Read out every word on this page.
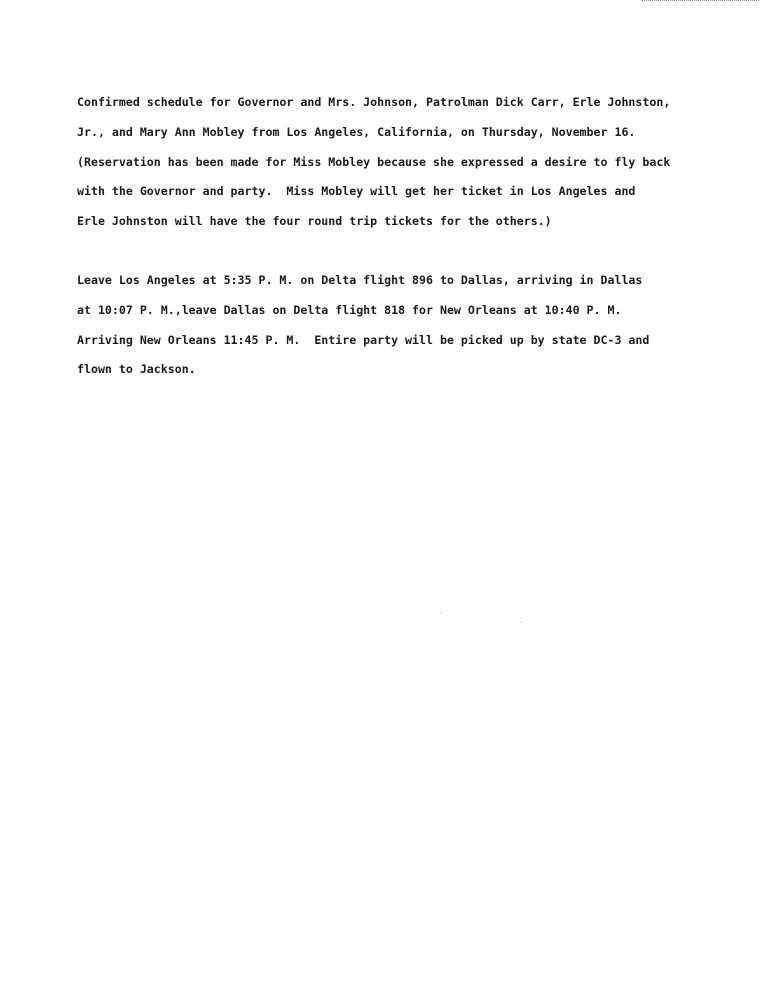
Confirmed schedule for Governor and Mrs. Johnson, Patrolman Dick Carr, Erle Johnston,

Jr., and Mary Ann Mobley from Los Angeles, California, on Thursday, November 16.

(Reservation has been made for Miss Mobley because she expressed a desire to fly back

with the Governor and party.  Miss Mobley will get her ticket in Los Angeles and

Erle Johnston will have the four round trip tickets for the others.)

Leave Los Angeles at 5:35 P. M. on Delta flight 896 to Dallas, arriving in Dallas

at 10:07 P. M.,leave Dallas on Delta flight 818 for New Orleans at 10:40 P. M.

Arriving New Orleans 11:45 P. M.  Entire party will be picked up by state DC-3 and

flown to Jackson.
